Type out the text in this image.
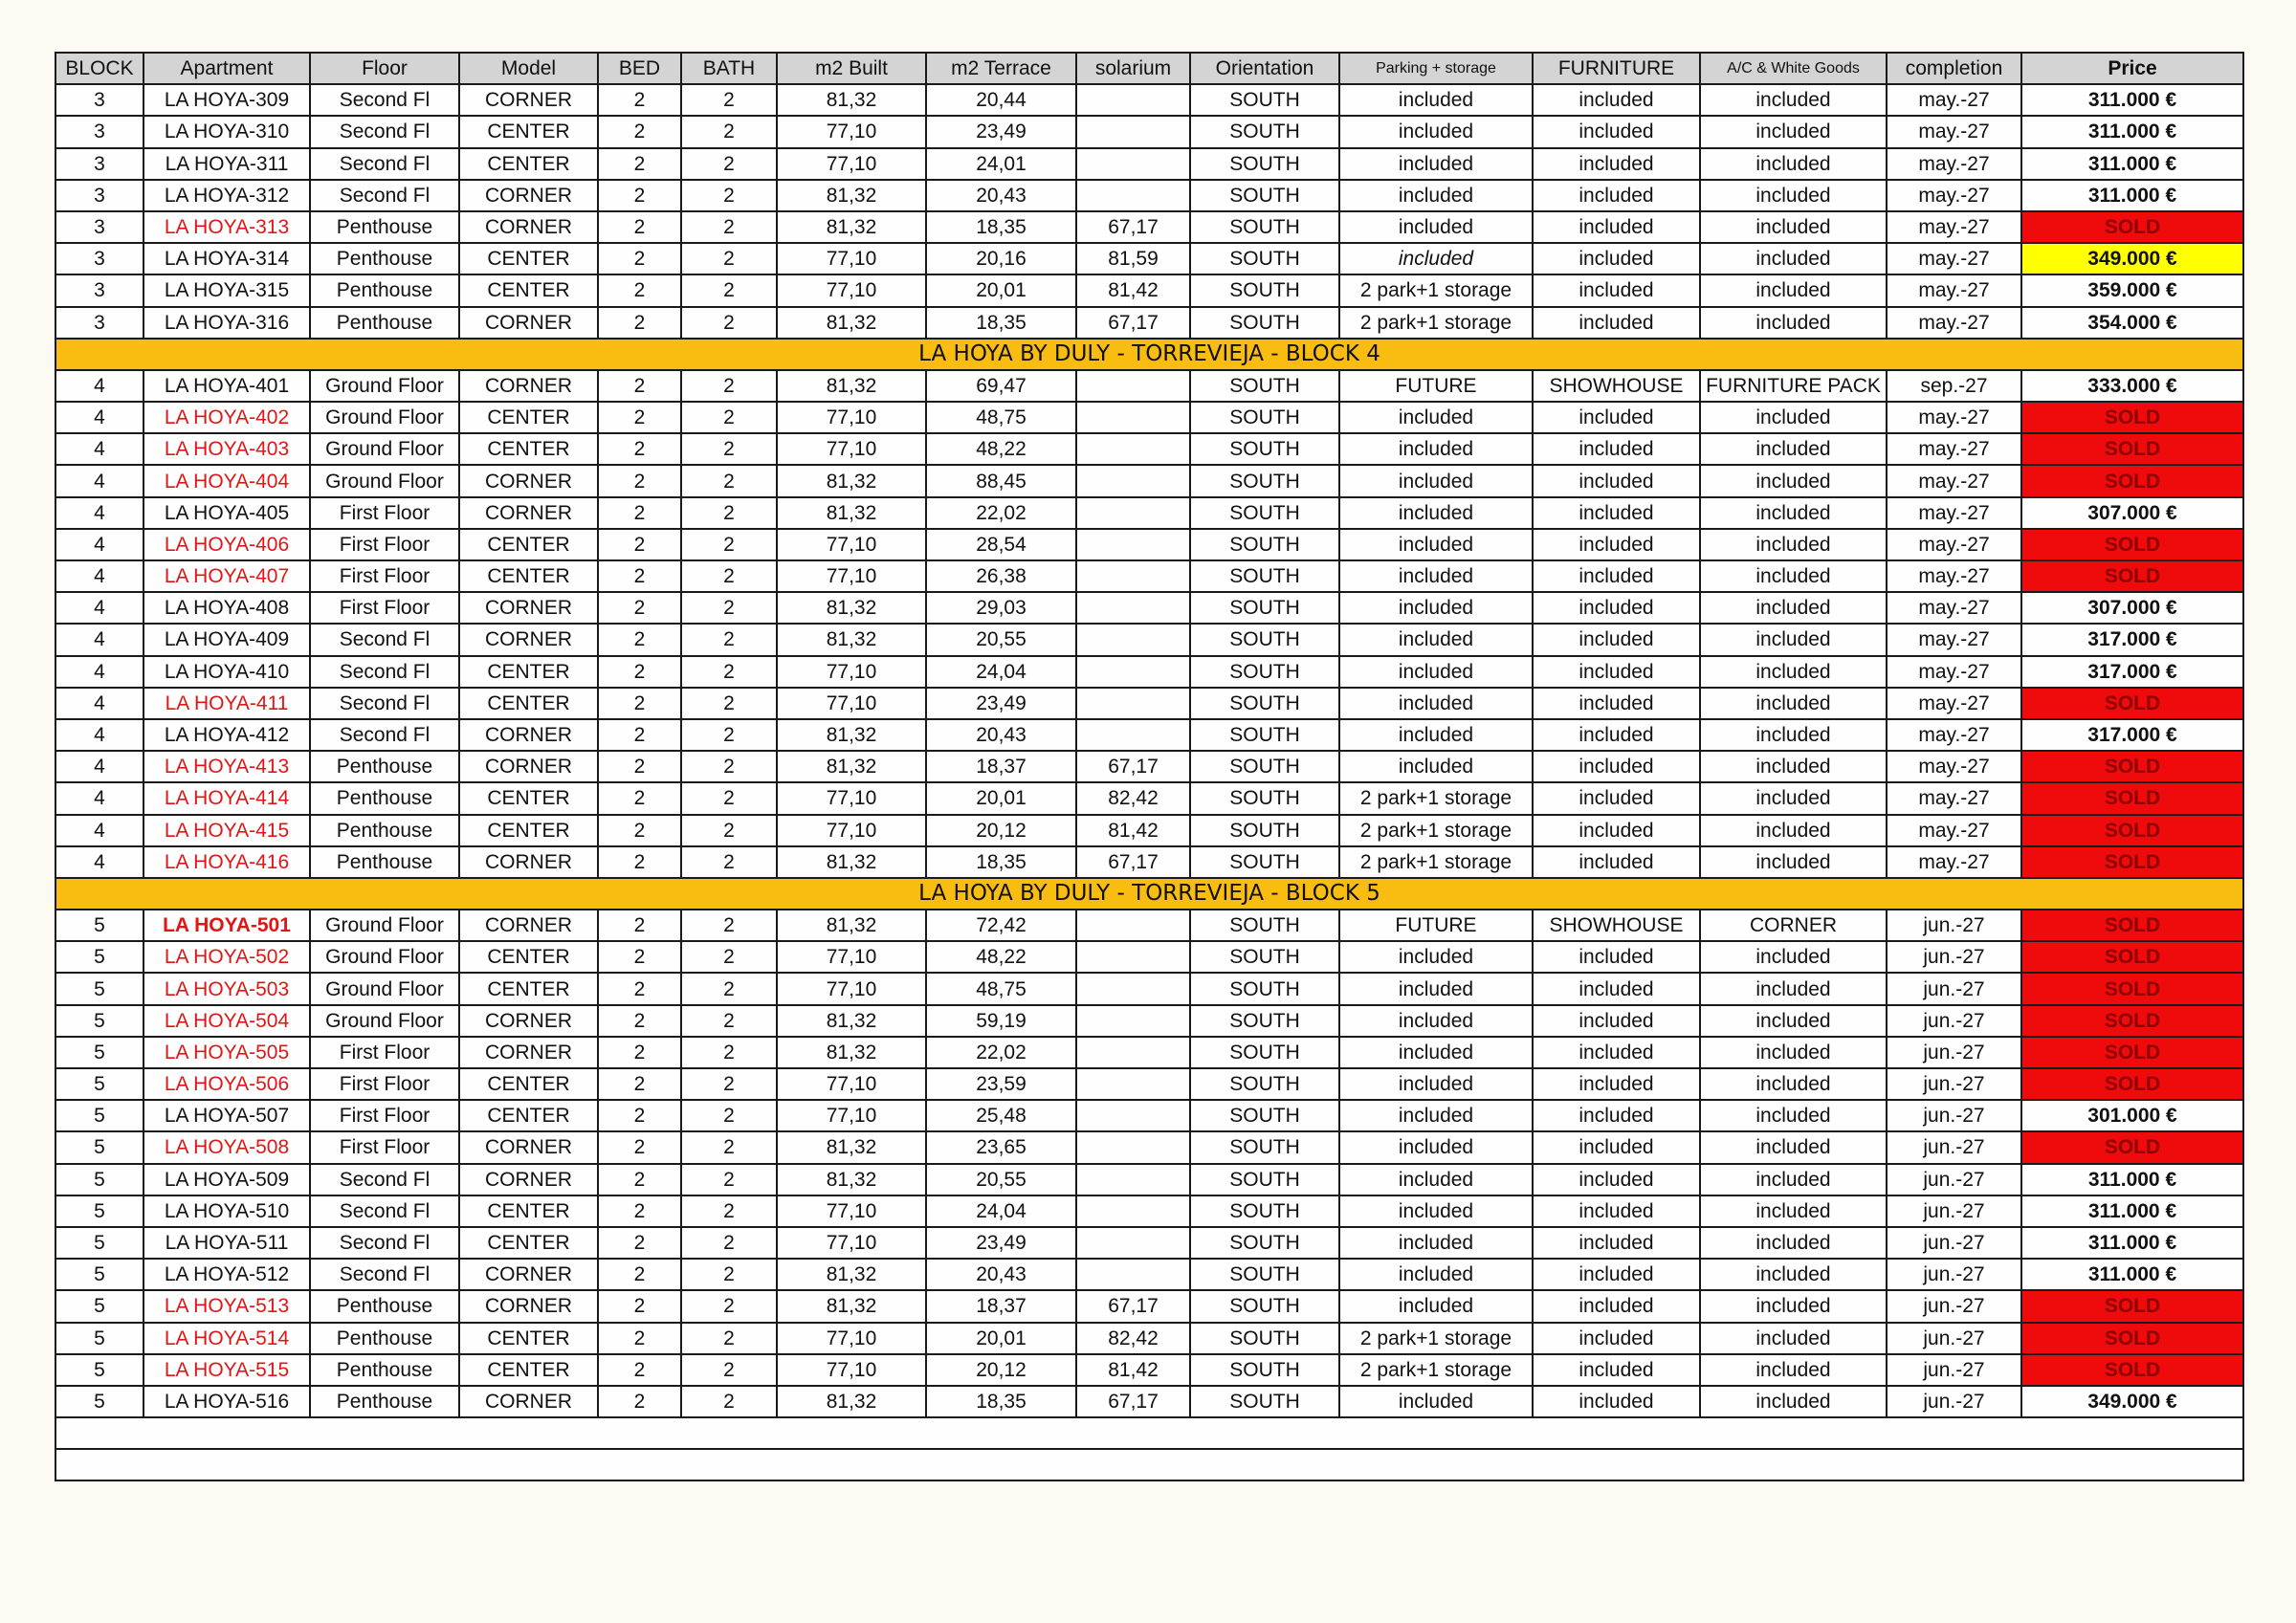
BLOCK	Apartment	Floor	Model	BED	BATH	m2 Built	m2 Terrace	solarium	Orientation	Parking + storage	FURNITURE	A/C & White Goods	completion	Price
3	LA HOYA-309	Second Fl	CORNER	2	2	81,32	20,44		SOUTH	included	included	included	may.-27	311.000 €
3	LA HOYA-310	Second Fl	CENTER	2	2	77,10	23,49		SOUTH	included	included	included	may.-27	311.000 €
3	LA HOYA-311	Second Fl	CENTER	2	2	77,10	24,01		SOUTH	included	included	included	may.-27	311.000 €
3	LA HOYA-312	Second Fl	CORNER	2	2	81,32	20,43		SOUTH	included	included	included	may.-27	311.000 €
3	LA HOYA-313	Penthouse	CORNER	2	2	81,32	18,35	67,17	SOUTH	included	included	included	may.-27	SOLD
3	LA HOYA-314	Penthouse	CENTER	2	2	77,10	20,16	81,59	SOUTH	included	included	included	may.-27	349.000 €
3	LA HOYA-315	Penthouse	CENTER	2	2	77,10	20,01	81,42	SOUTH	2 park+1 storage	included	included	may.-27	359.000 €
3	LA HOYA-316	Penthouse	CORNER	2	2	81,32	18,35	67,17	SOUTH	2 park+1 storage	included	included	may.-27	354.000 €
LA HOYA BY DULY - TORREVIEJA - BLOCK 4														
4	LA HOYA-401	Ground Floor	CORNER	2	2	81,32	69,47		SOUTH	FUTURE	SHOWHOUSE	FURNITURE PACK	sep.-27	333.000 €
4	LA HOYA-402	Ground Floor	CENTER	2	2	77,10	48,75		SOUTH	included	included	included	may.-27	SOLD
4	LA HOYA-403	Ground Floor	CENTER	2	2	77,10	48,22		SOUTH	included	included	included	may.-27	SOLD
4	LA HOYA-404	Ground Floor	CORNER	2	2	81,32	88,45		SOUTH	included	included	included	may.-27	SOLD
4	LA HOYA-405	First Floor	CORNER	2	2	81,32	22,02		SOUTH	included	included	included	may.-27	307.000 €
4	LA HOYA-406	First Floor	CENTER	2	2	77,10	28,54		SOUTH	included	included	included	may.-27	SOLD
4	LA HOYA-407	First Floor	CENTER	2	2	77,10	26,38		SOUTH	included	included	included	may.-27	SOLD
4	LA HOYA-408	First Floor	CORNER	2	2	81,32	29,03		SOUTH	included	included	included	may.-27	307.000 €
4	LA HOYA-409	Second Fl	CORNER	2	2	81,32	20,55		SOUTH	included	included	included	may.-27	317.000 €
4	LA HOYA-410	Second Fl	CENTER	2	2	77,10	24,04		SOUTH	included	included	included	may.-27	317.000 €
4	LA HOYA-411	Second Fl	CENTER	2	2	77,10	23,49		SOUTH	included	included	included	may.-27	SOLD
4	LA HOYA-412	Second Fl	CORNER	2	2	81,32	20,43		SOUTH	included	included	included	may.-27	317.000 €
4	LA HOYA-413	Penthouse	CORNER	2	2	81,32	18,37	67,17	SOUTH	included	included	included	may.-27	SOLD
4	LA HOYA-414	Penthouse	CENTER	2	2	77,10	20,01	82,42	SOUTH	2 park+1 storage	included	included	may.-27	SOLD
4	LA HOYA-415	Penthouse	CENTER	2	2	77,10	20,12	81,42	SOUTH	2 park+1 storage	included	included	may.-27	SOLD
4	LA HOYA-416	Penthouse	CORNER	2	2	81,32	18,35	67,17	SOUTH	2 park+1 storage	included	included	may.-27	SOLD
LA HOYA BY DULY - TORREVIEJA - BLOCK 5														
5	LA HOYA-501	Ground Floor	CORNER	2	2	81,32	72,42		SOUTH	FUTURE	SHOWHOUSE	CORNER	jun.-27	SOLD
5	LA HOYA-502	Ground Floor	CENTER	2	2	77,10	48,22		SOUTH	included	included	included	jun.-27	SOLD
5	LA HOYA-503	Ground Floor	CENTER	2	2	77,10	48,75		SOUTH	included	included	included	jun.-27	SOLD
5	LA HOYA-504	Ground Floor	CORNER	2	2	81,32	59,19		SOUTH	included	included	included	jun.-27	SOLD
5	LA HOYA-505	First Floor	CORNER	2	2	81,32	22,02		SOUTH	included	included	included	jun.-27	SOLD
5	LA HOYA-506	First Floor	CENTER	2	2	77,10	23,59		SOUTH	included	included	included	jun.-27	SOLD
5	LA HOYA-507	First Floor	CENTER	2	2	77,10	25,48		SOUTH	included	included	included	jun.-27	301.000 €
5	LA HOYA-508	First Floor	CORNER	2	2	81,32	23,65		SOUTH	included	included	included	jun.-27	SOLD
5	LA HOYA-509	Second Fl	CORNER	2	2	81,32	20,55		SOUTH	included	included	included	jun.-27	311.000 €
5	LA HOYA-510	Second Fl	CENTER	2	2	77,10	24,04		SOUTH	included	included	included	jun.-27	311.000 €
5	LA HOYA-511	Second Fl	CENTER	2	2	77,10	23,49		SOUTH	included	included	included	jun.-27	311.000 €
5	LA HOYA-512	Second Fl	CORNER	2	2	81,32	20,43		SOUTH	included	included	included	jun.-27	311.000 €
5	LA HOYA-513	Penthouse	CORNER	2	2	81,32	18,37	67,17	SOUTH	included	included	included	jun.-27	SOLD
5	LA HOYA-514	Penthouse	CENTER	2	2	77,10	20,01	82,42	SOUTH	2 park+1 storage	included	included	jun.-27	SOLD
5	LA HOYA-515	Penthouse	CENTER	2	2	77,10	20,12	81,42	SOUTH	2 park+1 storage	included	included	jun.-27	SOLD
5	LA HOYA-516	Penthouse	CORNER	2	2	81,32	18,35	67,17	SOUTH	included	included	included	jun.-27	349.000 €
